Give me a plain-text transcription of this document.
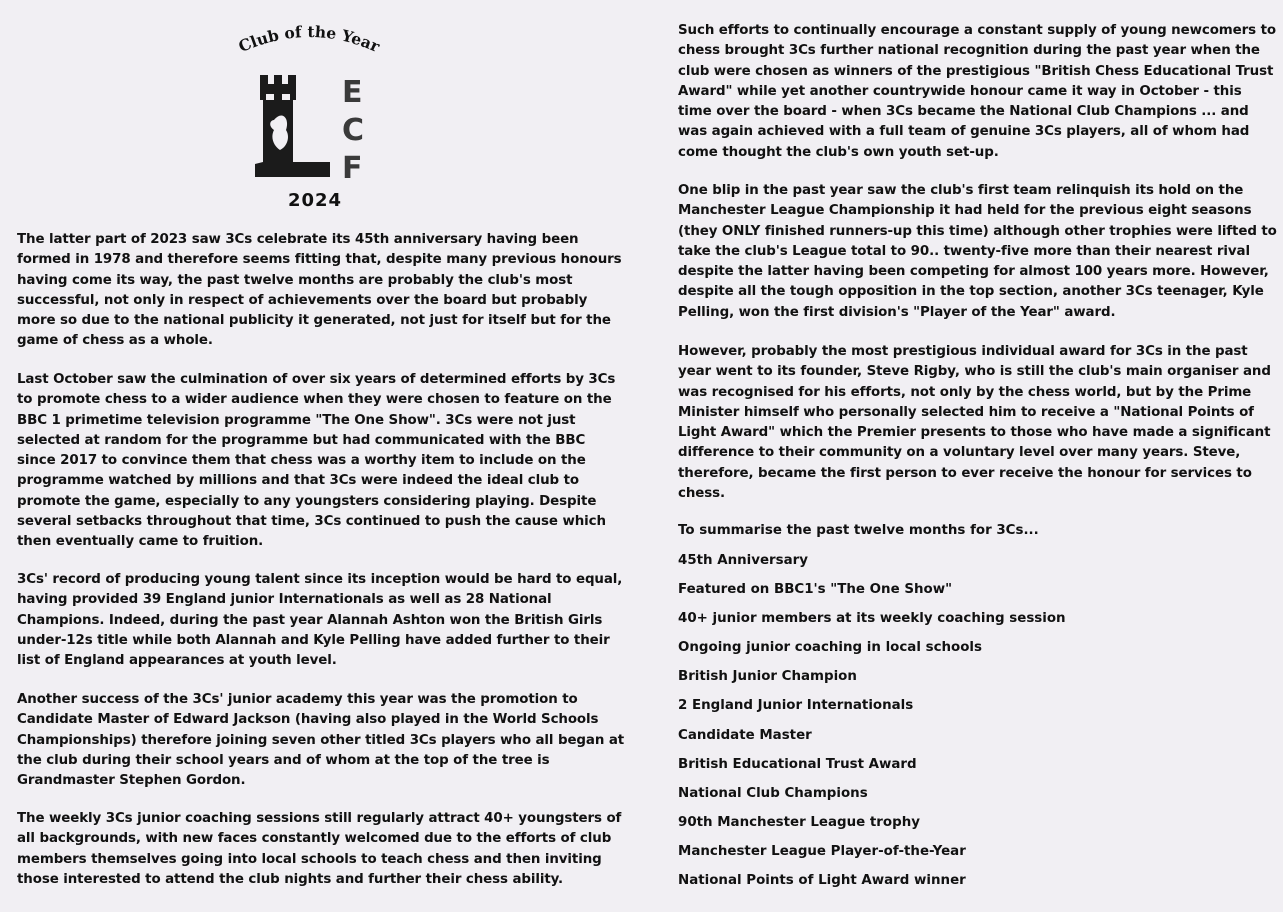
Club of the Year
E
C
F
2024

The latter part of 2023 saw 3Cs celebrate its 45th anniversary having been formed in 1978 and therefore seems fitting that, despite many previous honours having come its way, the past twelve months are probably the club's most successful, not only in respect of achievements over the board but probably more so due to the national publicity it generated, not just for itself but for the game of chess as a whole.

Last October saw the culmination of over six years of determined efforts by 3Cs to promote chess to a wider audience when they were chosen to feature on the BBC 1 primetime television programme "The One Show". 3Cs were not just selected at random for the programme but had communicated with the BBC since 2017 to convince them that chess was a worthy item to include on the programme watched by millions and that 3Cs were indeed the ideal club to promote the game, especially to any youngsters considering playing. Despite several setbacks throughout that time, 3Cs continued to push the cause which then eventually came to fruition.

3Cs' record of producing young talent since its inception would be hard to equal, having provided 39 England junior Internationals as well as 28 National Champions. Indeed, during the past year Alannah Ashton won the British Girls under-12s title while both Alannah and Kyle Pelling have added further to their list of England appearances at youth level.

Another success of the 3Cs' junior academy this year was the promotion to Candidate Master of Edward Jackson (having also played in the World Schools Championships) therefore joining seven other titled 3Cs players who all began at the club during their school years and of whom at the top of the tree is Grandmaster Stephen Gordon.

The weekly 3Cs junior coaching sessions still regularly attract 40+ youngsters of all backgrounds, with new faces constantly welcomed due to the efforts of club members themselves going into local schools to teach chess and then inviting those interested to attend the club nights and further their chess ability.

Such efforts to continually encourage a constant supply of young newcomers to chess brought 3Cs further national recognition during the past year when the club were chosen as winners of the prestigious "British Chess Educational Trust Award" while yet another countrywide honour came it way in October - this time over the board - when 3Cs became the National Club Champions ... and was again achieved with a full team of genuine 3Cs players, all of whom had come thought the club's own youth set-up.

One blip in the past year saw the club's first team relinquish its hold on the Manchester League Championship it had held for the previous eight seasons (they ONLY finished runners-up this time) although other trophies were lifted to take the club's League total to 90.. twenty-five more than their nearest rival despite the latter having been competing for almost 100 years more. However, despite all the tough opposition in the top section, another 3Cs teenager, Kyle Pelling, won the first division's "Player of the Year" award.

However, probably the most prestigious individual award for 3Cs in the past year went to its founder, Steve Rigby, who is still the club's main organiser and was recognised for his efforts, not only by the chess world, but by the Prime Minister himself who personally selected him to receive a "National Points of Light Award" which the Premier presents to those who have made a significant difference to their community on a voluntary level over many years. Steve, therefore, became the first person to ever receive the honour for services to chess.

To summarise the past twelve months for 3Cs...
45th Anniversary
Featured on BBC1's "The One Show"
40+ junior members at its weekly coaching session
Ongoing junior coaching in local schools
British Junior Champion
2 England Junior Internationals
Candidate Master
British Educational Trust Award
National Club Champions
90th Manchester League trophy
Manchester League Player-of-the-Year
National Points of Light Award winner
